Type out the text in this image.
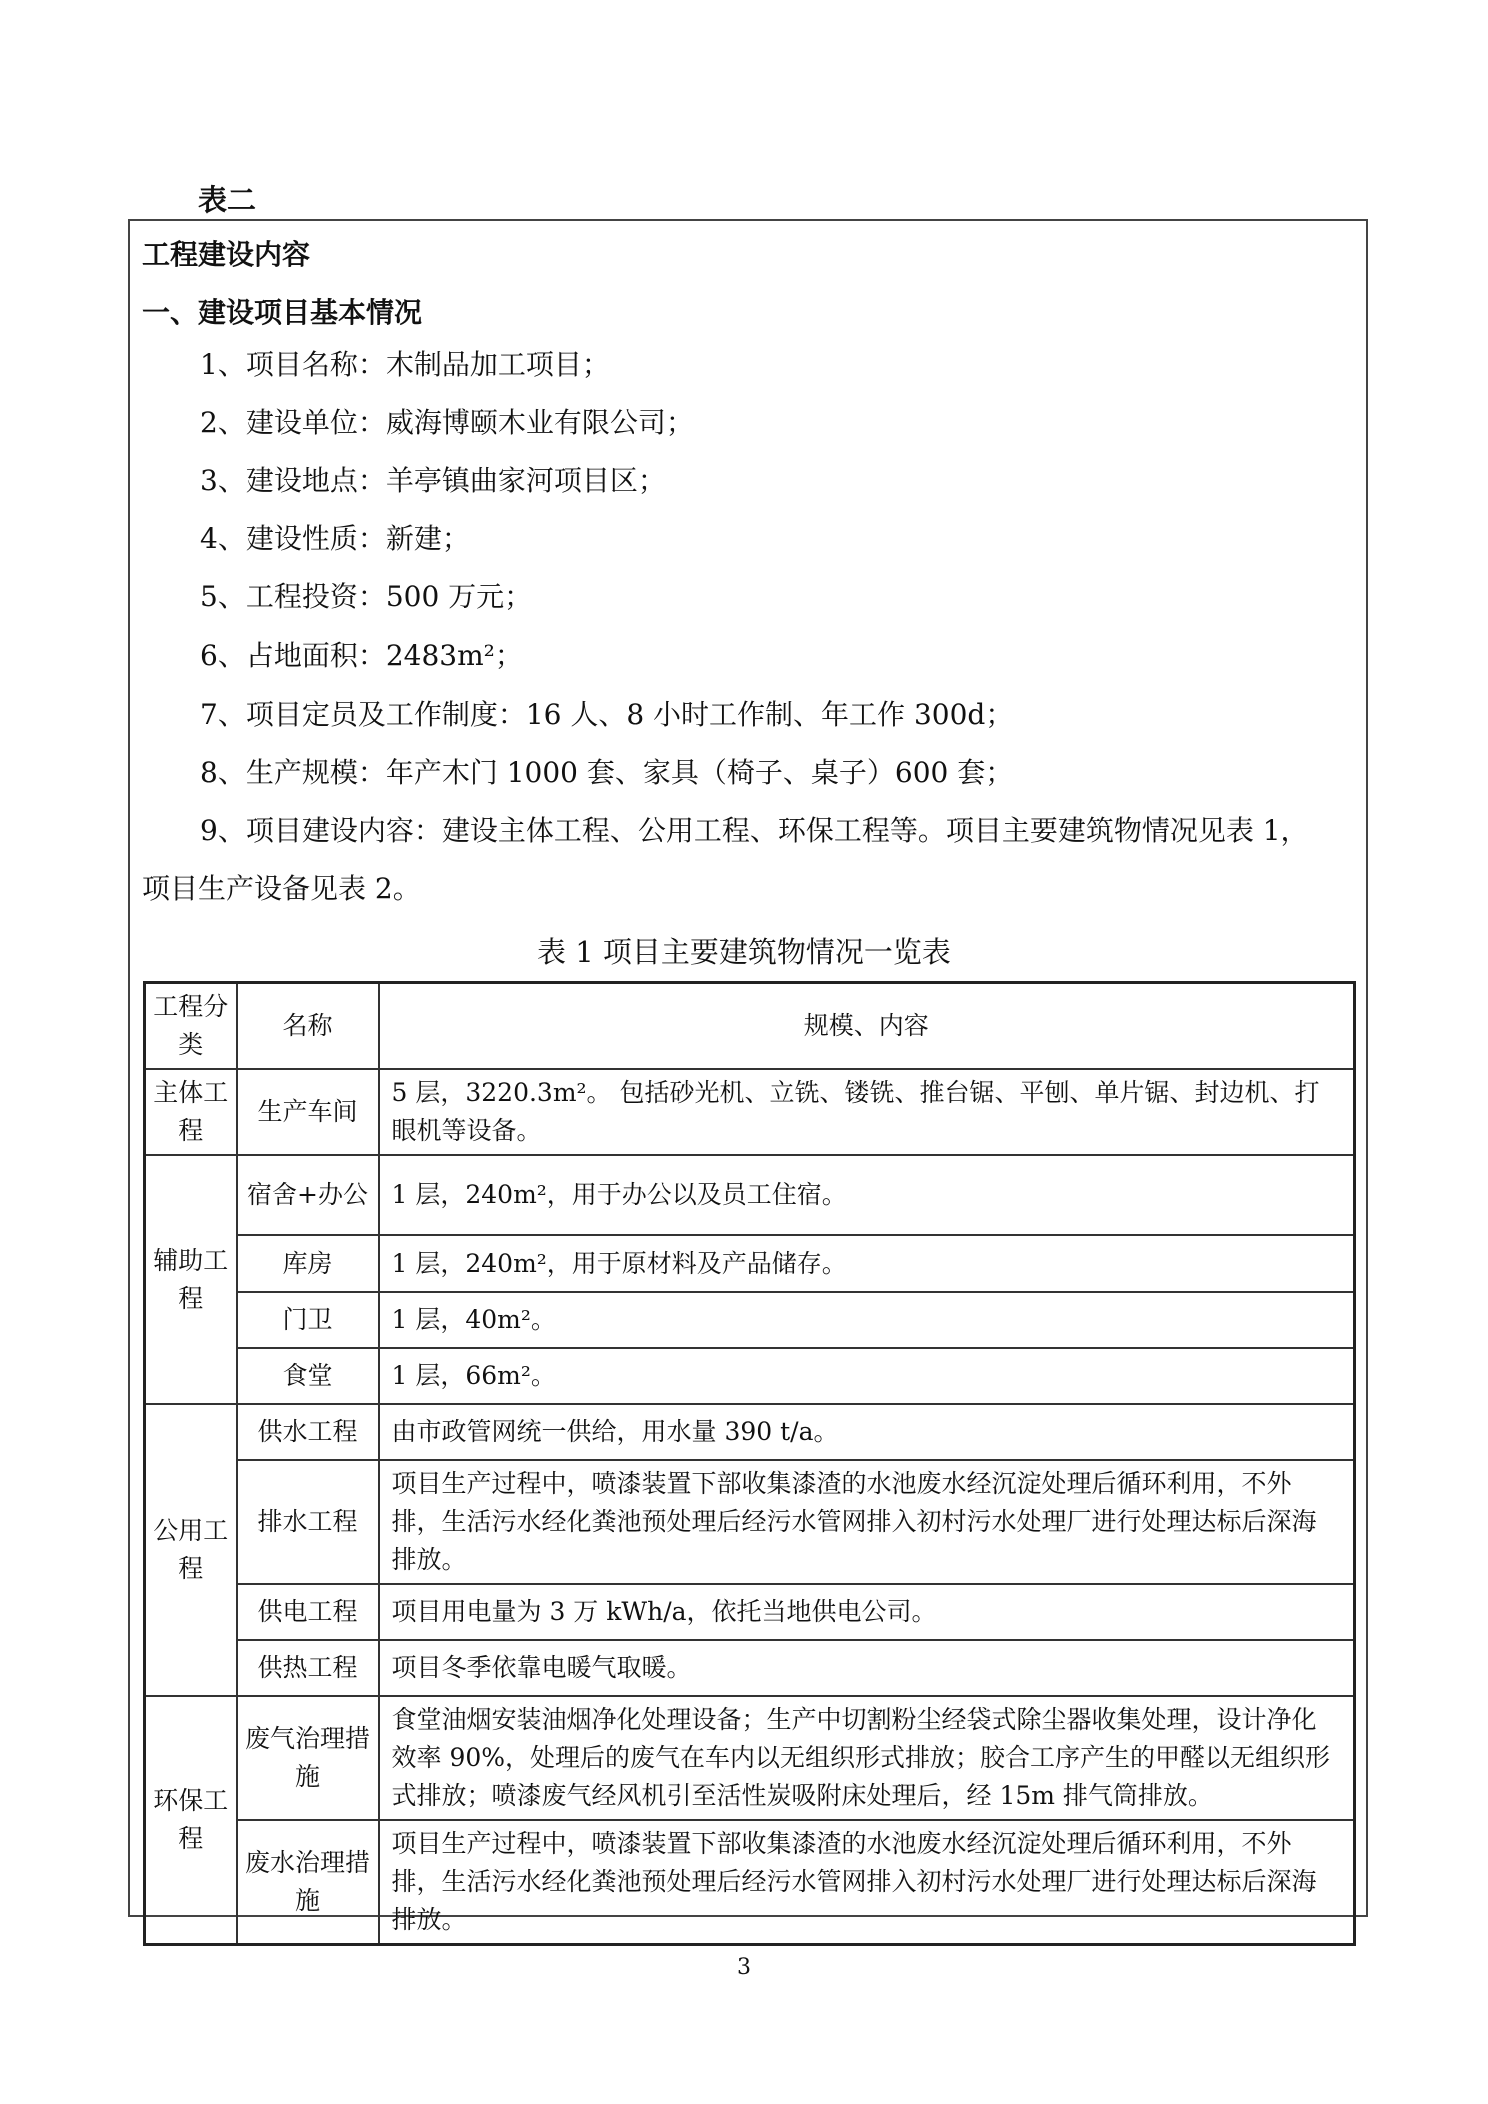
表二
工程建设内容
一、建设项目基本情况
1、项目名称：木制品加工项目；
2、建设单位：威海博颐木业有限公司；
3、建设地点：羊亭镇曲家河项目区；
4、建设性质：新建；
5、工程投资：500 万元；
6、占地面积：2483m²；
7、项目定员及工作制度：16 人、8 小时工作制、年工作 300d；
8、生产规模：年产木门 1000 套、家具（椅子、桌子）600 套；
9、项目建设内容：建设主体工程、公用工程、环保工程等。项目主要建筑物情况见表 1，
项目生产设备见表 2。
表 1 项目主要建筑物情况一览表
工程分类	名称	规模、内容
主体工程	生产车间	5 层，3220.3m²。 包括砂光机、立铣、镂铣、推台锯、平刨、单片锯、封边机、打眼机等设备。
辅助工程	宿舍+办公	1 层，240m²，用于办公以及员工住宿。
	库房	1 层，240m²，用于原材料及产品储存。
	门卫	1 层，40m²。
	食堂	1 层，66m²。
公用工程	供水工程	由市政管网统一供给，用水量 390 t/a。
	排水工程	项目生产过程中，喷漆装置下部收集漆渣的水池废水经沉淀处理后循环利用，不外排，生活污水经化粪池预处理后经污水管网排入初村污水处理厂进行处理达标后深海排放。
	供电工程	项目用电量为 3 万 kWh/a，依托当地供电公司。
	供热工程	项目冬季依靠电暖气取暖。
环保工程	废气治理措施	食堂油烟安装油烟净化处理设备；生产中切割粉尘经袋式除尘器收集处理，设计净化效率 90%，处理后的废气在车内以无组织形式排放；胶合工序产生的甲醛以无组织形式排放；喷漆废气经风机引至活性炭吸附床处理后，经 15m 排气筒排放。
	废水治理措施	项目生产过程中，喷漆装置下部收集漆渣的水池废水经沉淀处理后循环利用，不外排，生活污水经化粪池预处理后经污水管网排入初村污水处理厂进行处理达标后深海排放。
3
